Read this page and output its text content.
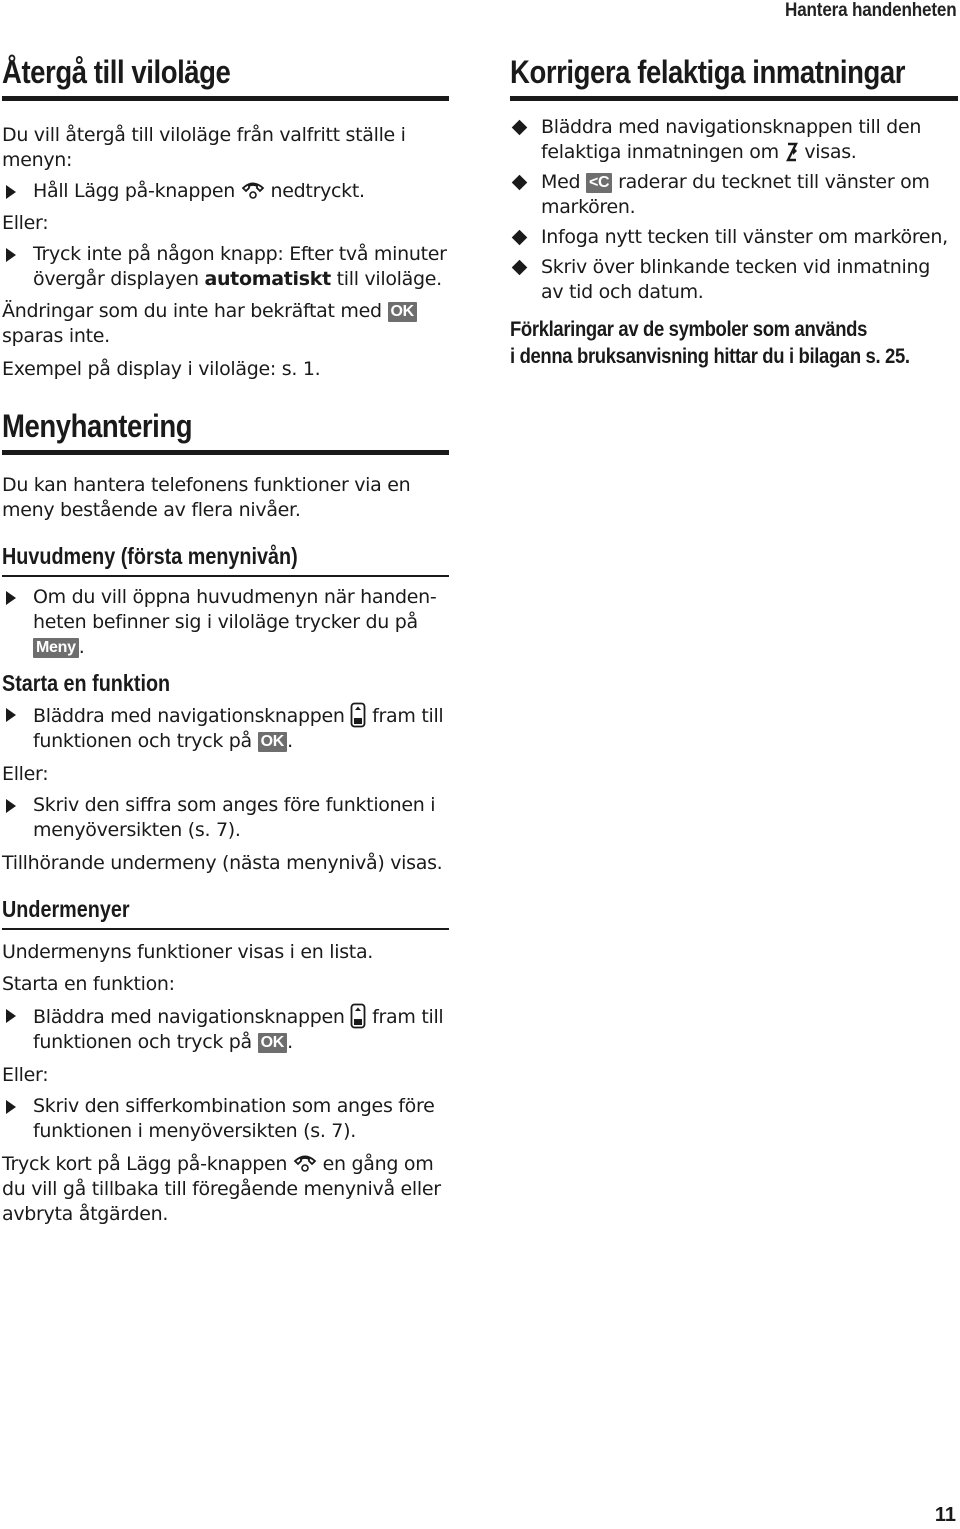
Hantera handenheten
Återgå till viloläge

Du vill återgå till viloläge från valfritt ställe i menyn:

Håll Lägg på-knappen nedtryckt.

Eller:

Tryck inte på någon knapp: Efter två minuter övergår displayen automatiskt till viloläge.

Ändringar som du inte har bekräftat med OK sparas inte.

Exempel på display i viloläge: s. 1.

Menyhantering

Du kan hantera telefonens funktioner via en meny bestående av flera nivåer.

Huvudmeny (första menynivån)
Om du vill öppna huvudmenyn när handen-heten befinner sig i viloläge trycker du på Meny .
Starta en funktion
Bläddra med navigationsknappen fram till funktionen och tryck på OK .

Eller:

Skriv den siffra som anges före funktionen i menyöversikten (s. 7).

Tillhörande undermeny (nästa menynivå) visas.

Undermenyer

Undermenyns funktioner visas i en lista.

Starta en funktion:

Bläddra med navigationsknappen fram till funktionen och tryck på OK .

Eller:

Skriv den sifferkombination som anges före funktionen i menyöversikten (s. 7).

Tryck kort på Lägg på-knappen en gång om du vill gå tillbaka till föregående menynivå eller avbryta åtgärden.

Korrigera felaktiga inmatningar
Bläddra med navigationsknappen till den felaktiga inmatningen om visas.
Med <C raderar du tecknet till vänster om markören.
Infoga nytt tecken till vänster om markören,
Skriv över blinkande tecken vid inmatning av tid och datum.

Förklaringar av de symboler som används

i denna bruksanvisning hittar du i bilagan s. 25.

11
